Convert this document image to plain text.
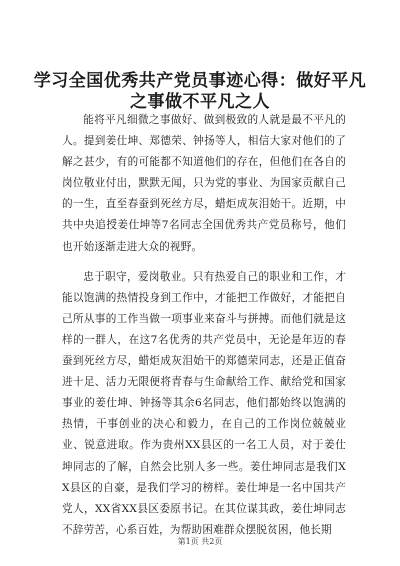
学习全国优秀共产党员事迹心得：做好平凡之事做不平凡之人

能将平凡细微之事做好、做到极致的人就是最不平凡的人。提到姜仕坤、郑德荣、钟扬等人，相信大家对他们的了解之甚少，有的可能都不知道他们的存在，但他们在各自的岗位敬业付出，默默无闻，只为党的事业、为国家贡献自己的一生，直至春蚕到死丝方尽，蜡炬成灰泪始干。近期，中共中央追授姜仕坤等7名同志全国优秀共产党员称号，他们也开始逐渐走进大众的视野。

忠于职守，爱岗敬业。只有热爱自己的职业和工作，才能以饱满的热情投身到工作中，才能把工作做好，才能把自己所从事的工作当做一项事业来奋斗与拼搏。而他们就是这样的一群人，在这7名优秀的共产党员中，无论是年迈的春蚕到死丝方尽，蜡炬成灰泪始干的郑德荣同志，还是正值奋进十足、活力无限便将青春与生命献给工作、献给党和国家事业的姜仕坤、钟扬等其余6名同志，他们都始终以饱满的热情，干事创业的决心和毅力，在自己的工作岗位兢兢业业、锐意进取。作为贵州XX县区的一名工人员，对于姜仕坤同志的了解，自然会比别人多一些。姜仕坤同志是我们XX县区的自豪，是我们学习的榜样。姜仕坤是一名中国共产党人，XX省XX县区委原书记。在其位谋其政，姜仕坤同志不辞劳苦，心系百姓，为帮助困难群众摆脱贫困，他长期

第1页 共2页
